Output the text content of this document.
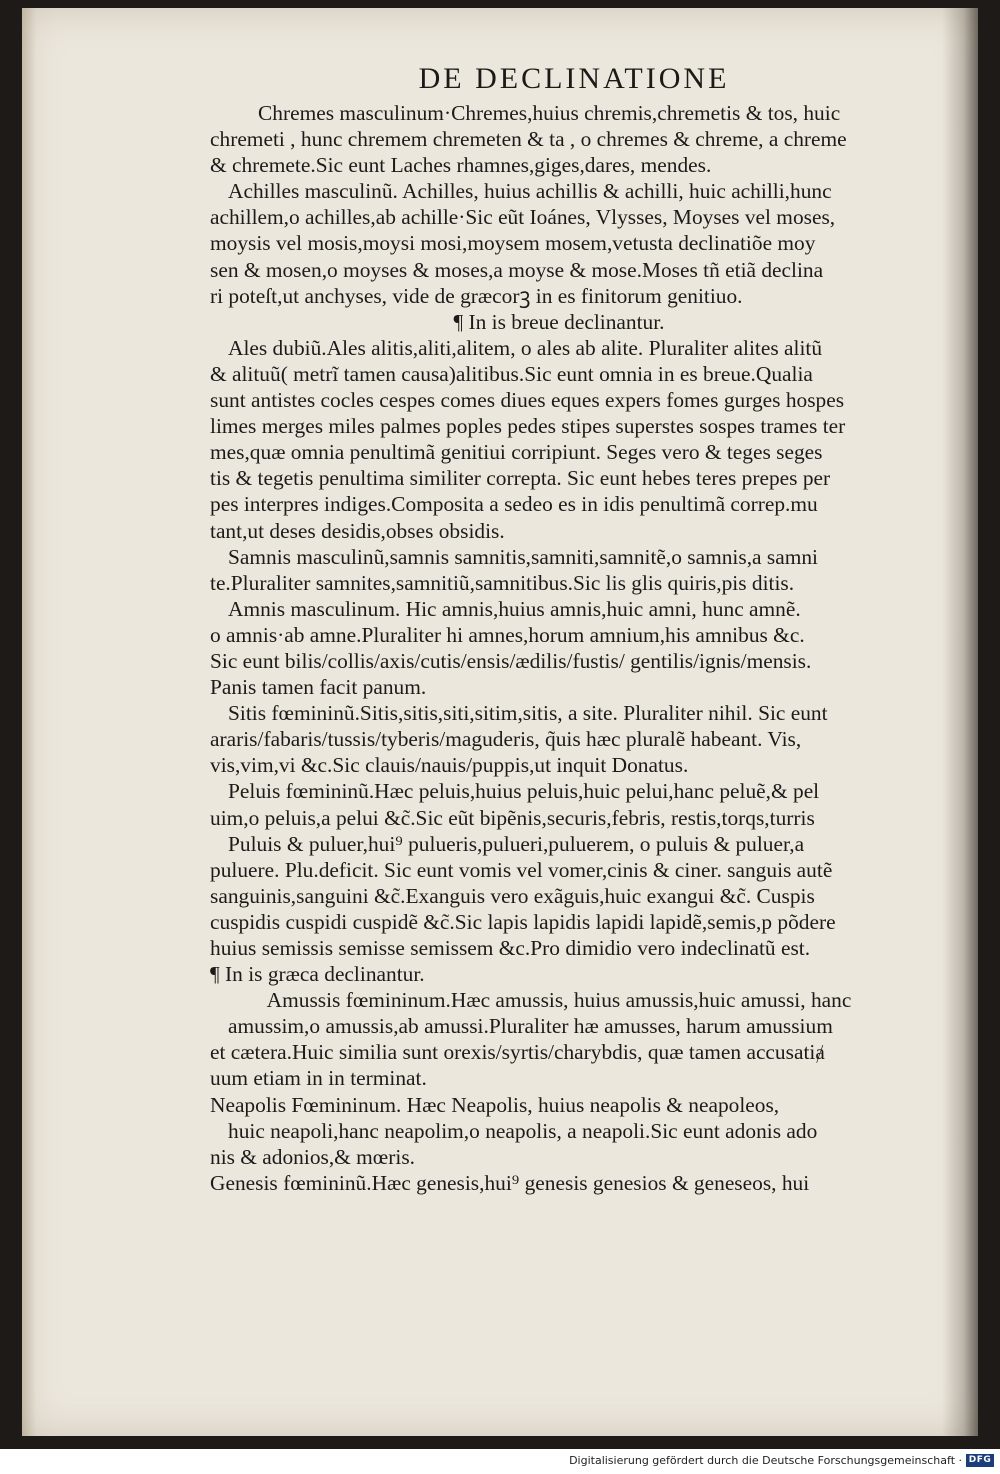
DE DECLINATIONE
Chremes masculinum·Chremes,huius chremis,chremetis & tos, huic
chremeti , hunc chremem chremeten & ta , o chremes & chreme, a chreme
& chremete.Sic eunt Laches rhamnes,giges,dares, mendes.
Achilles masculinũ. Achilles, huius achillis & achilli, huic achilli,hunc
achillem,o achilles,ab achille·Sic eũt Ioánes, Vlysses, Moyses vel moses,
moysis vel mosis,moysi mosi,moysem mosem,vetusta declinatiõe moy
sen & mosen,o moyses & moses,a moyse & mose.Moses tñ etiã declina
ri poteſt,ut anchyses, vide de græcorꝫ in es finitorum genitiuo.
¶ In is breue declinantur.
Ales dubiũ.Ales alitis,aliti,alitem, o ales ab alite. Pluraliter alites alitũ
& alituũ( metrĩ tamen causa)alitibus.Sic eunt omnia in es breue.Qualia
sunt antistes cocles cespes comes diues eques expers fomes gurges hospes
limes merges miles palmes poples pedes stipes superstes sospes trames ter
mes,quæ omnia penultimã genitiui corripiunt. Seges vero & teges seges
tis & tegetis penultima similiter correpta. Sic eunt hebes teres prepes per
pes interpres indiges.Composita a sedeo es in idis penultimã correp.mu
tant,ut deses desidis,obses obsidis.
Samnis masculinũ,samnis samnitis,samniti,samnitẽ,o samnis,a samni
te.Pluraliter samnites,samnitiũ,samnitibus.Sic lis glis quiris,pis ditis.
Amnis masculinum. Hic amnis,huius amnis,huic amni, hunc amnẽ.
o amnis·ab amne.Pluraliter hi amnes,horum amnium,his amnibus &c.
Sic eunt bilis/collis/axis/cutis/ensis/ædilis/fustis/ gentilis/ignis/mensis.
Panis tamen facit panum.
Sitis fœmininũ.Sitis,sitis,siti,sitim,sitis, a site. Pluraliter nihil. Sic eunt
araris/fabaris/tussis/tyberis/maguderis, q̃uis hæc pluralẽ habeant. Vis,
vis,vim,vi &c.Sic clauis/nauis/puppis,ut inquit Donatus.
Peluis fœmininũ.Hæc peluis,huius peluis,huic pelui,hanc peluẽ,& pel
uim,o peluis,a pelui &c̃.Sic eũt bipẽnis,securis,febris, restis,torqs,turris
Puluis & puluer,hui⁹ pulueris,pulueri,puluerem, o puluis & puluer,a
puluere. Plu.deficit. Sic eunt vomis vel vomer,cinis & ciner. sanguis autẽ
sanguinis,sanguini &c̃.Exanguis vero exãguis,huic exangui &c̃. Cuspis
cuspidis cuspidi cuspidẽ &c̃.Sic lapis lapidis lapidi lapidẽ,semis,p põdere
huius semissis semisse semissem &c.Pro dimidio vero indeclinatũ est.
¶ In is græca declinantur.
Amussis fœmininum.Hæc amussis, huius amussis,huic amussi, hanc
amussim,o amussis,ab amussi.Pluraliter hæ amusses, harum amussium
et cætera.Huic similia sunt orexis/syrtis/charybdis, quæ tamen accusatiⱥ
uum etiam in in terminat.
Neapolis Fœmininum. Hæc Neapolis, huius neapolis & neapoleos,
huic neapoli,hanc neapolim,o neapolis, a neapoli.Sic eunt adonis ado
nis & adonios,& mœris.
Genesis fœmininũ.Hæc genesis,hui⁹ genesis genesios & geneseos, hui
Digitalisierung gefördert durch die Deutsche Forschungsgemeinschaft · DFG
